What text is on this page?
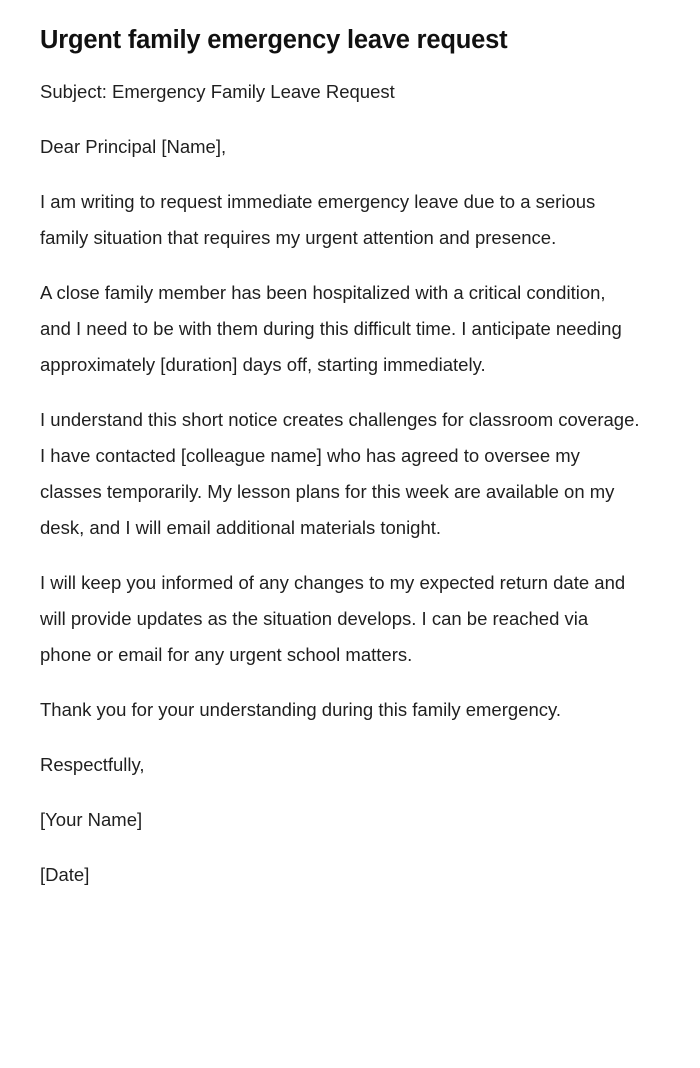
Urgent family emergency leave request

Subject: Emergency Family Leave Request

Dear Principal [Name],

I am writing to request immediate emergency leave due to a serious family situation that requires my urgent attention and presence.

A close family member has been hospitalized with a critical condition, and I need to be with them during this difficult time. I anticipate needing approximately [duration] days off, starting immediately.

I understand this short notice creates challenges for classroom coverage. I have contacted [colleague name] who has agreed to oversee my classes temporarily. My lesson plans for this week are available on my desk, and I will email additional materials tonight.

I will keep you informed of any changes to my expected return date and will provide updates as the situation develops. I can be reached via phone or email for any urgent school matters.

Thank you for your understanding during this family emergency.

Respectfully,

[Your Name]

[Date]
